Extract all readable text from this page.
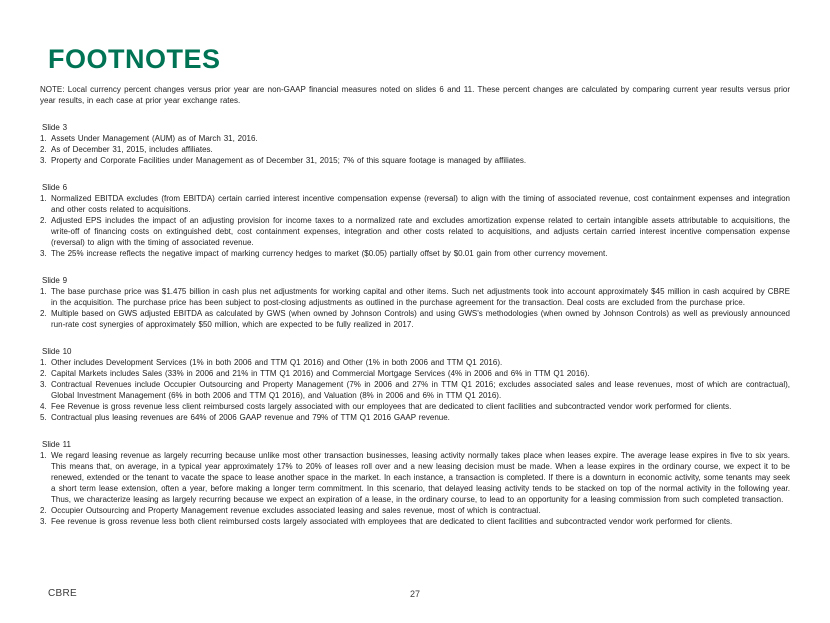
FOOTNOTES

NOTE: Local currency percent changes versus prior year are non-GAAP financial measures noted on slides 6 and 11. These percent changes are calculated by comparing current year results versus prior year results, in each case at prior year exchange rates.

Slide 3
1. Assets Under Management (AUM) as of March 31, 2016.
2. As of December 31, 2015, includes affiliates.
3. Property and Corporate Facilities under Management as of December 31, 2015; 7% of this square footage is managed by affiliates.
Slide 6
1. Normalized EBITDA excludes (from EBITDA) certain carried interest incentive compensation expense (reversal) to align with the timing of associated revenue, cost containment expenses and integration and other costs related to acquisitions.
2. Adjusted EPS includes the impact of an adjusting provision for income taxes to a normalized rate and excludes amortization expense related to certain intangible assets attributable to acquisitions, the write-off of financing costs on extinguished debt, cost containment expenses, integration and other costs related to acquisitions, and adjusts certain carried interest incentive compensation expense (reversal) to align with the timing of associated revenue.
3. The 25% increase reflects the negative impact of marking currency hedges to market ($0.05) partially offset by $0.01 gain from other currency movement.
Slide 9
1. The base purchase price was $1.475 billion in cash plus net adjustments for working capital and other items. Such net adjustments took into account approximately $45 million in cash acquired by CBRE in the acquisition. The purchase price has been subject to post-closing adjustments as outlined in the purchase agreement for the transaction. Deal costs are excluded from the purchase price.
2. Multiple based on GWS adjusted EBITDA as calculated by GWS (when owned by Johnson Controls) and using GWS's methodologies (when owned by Johnson Controls) as well as previously announced run-rate cost synergies of approximately $50 million, which are expected to be fully realized in 2017.
Slide 10
1. Other includes Development Services (1% in both 2006 and TTM Q1 2016) and Other (1% in both 2006 and TTM Q1 2016).
2. Capital Markets includes Sales (33% in 2006 and 21% in TTM Q1 2016) and Commercial Mortgage Services (4% in 2006 and 6% in TTM Q1 2016).
3. Contractual Revenues include Occupier Outsourcing and Property Management (7% in 2006 and 27% in TTM Q1 2016; excludes associated sales and lease revenues, most of which are contractual), Global Investment Management (6% in both 2006 and TTM Q1 2016), and Valuation (8% in 2006 and 6% in TTM Q1 2016).
4. Fee Revenue is gross revenue less client reimbursed costs largely associated with our employees that are dedicated to client facilities and subcontracted vendor work performed for clients.
5. Contractual plus leasing revenues are 64% of 2006 GAAP revenue and 79% of TTM Q1 2016 GAAP revenue.
Slide 11
1. We regard leasing revenue as largely recurring because unlike most other transaction businesses, leasing activity normally takes place when leases expire. The average lease expires in five to six years. This means that, on average, in a typical year approximately 17% to 20% of leases roll over and a new leasing decision must be made. When a lease expires in the ordinary course, we expect it to be renewed, extended or the tenant to vacate the space to lease another space in the market. In each instance, a transaction is completed. If there is a downturn in economic activity, some tenants may seek a short term lease extension, often a year, before making a longer term commitment. In this scenario, that delayed leasing activity tends to be stacked on top of the normal activity in the following year. Thus, we characterize leasing as largely recurring because we expect an expiration of a lease, in the ordinary course, to lead to an opportunity for a leasing commission from such completed transaction.
2. Occupier Outsourcing and Property Management revenue excludes associated leasing and sales revenue, most of which is contractual.
3. Fee revenue is gross revenue less both client reimbursed costs largely associated with employees that are dedicated to client facilities and subcontracted vendor work performed for clients.
CBRE	27
